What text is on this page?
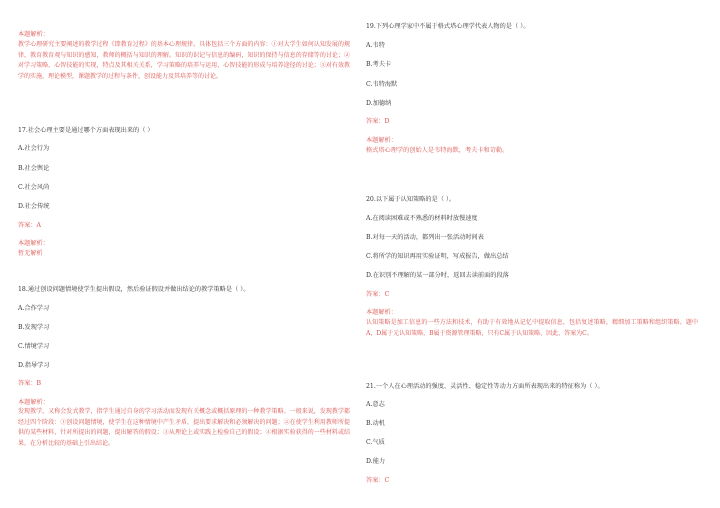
本题解析：
教学心理研究主要阐述的教学过程《即教育过程》的基本心理规律。具体包括三个方面的内容：①对大学生如何认知发展的规律，教育教育观与知识的感知，教师的概括与知识的理解。知识的识记与信息的编码，知识的保持与信息的存储等的讨论；②对学习策略，心智技能的实现，特点及其相关关系，学习策略的培养与运用，心智技能的形成与培养途径的讨论；③对有效教学的实施，理论模型，课题教学的过程与条件，创设能力及其培养等的讨论。
17.社会心理主要是通过哪个方面表现出来的（ ）
A.社会行为
B.社会舆论
C.社会风尚
D.社会传统
答案：A
本题解析：
暂无解析
18.通过创设问题情境使学生提出假设，然后验证假设并做出结论的教学策略是（ ）。
A.合作学习
B.发现学习
C.情境学习
D.指导学习
答案：B
本题解析：
发现教学，又称会发式教学，指学生通过自身的学习活动而发现有关概念或概括原理的一种教学策略。一般来说，发现教学都经过四个阶段：①创设问题情境，使学生在这种情境中产生矛盾，提出要求解决和必须解决的问题；②在使学生利用教师所提供的某些材料，针对所提出的问题，提出解答的假设；③从理论上或实践上检验自己的假设；④根据实验获得的一些材料或结果，在分析比较的基础上引出结论。
19.下列心理学家中不属于格式塔心理学代表人物的是（ ）。
A.韦特
B.考夫卡
C.韦特海默
D.加德纳
答案：D
本题解析：
格式塔心理学的创始人是韦特海默，考夫卡和苛勒。
20.以下属于认知策略的是（ ）。
A.在阅读困难或不熟悉的材料时放慢速度
B.对每一天的活动，都列出一张活动时间表
C.将所学的知识再用实验证明，写成报告，做出总结
D.在识别不理解的某一部分时，返回去读前面的段落
答案：C
本题解析：
认知策略是加工信息的一些方法和技术，有助于有效地从记忆中提取信息，包括复述策略，精细加工策略和组织策略。题中A，D属于元认知策略，B属于资源管理策略，只有C属于认知策略，因此，答案为C。
21.一个人在心理活动的强度、灵活性、稳定性等动力方面所表现出来的特征称为（ ）。
A.意志
B.动机
C.气质
D.能力
答案：C
